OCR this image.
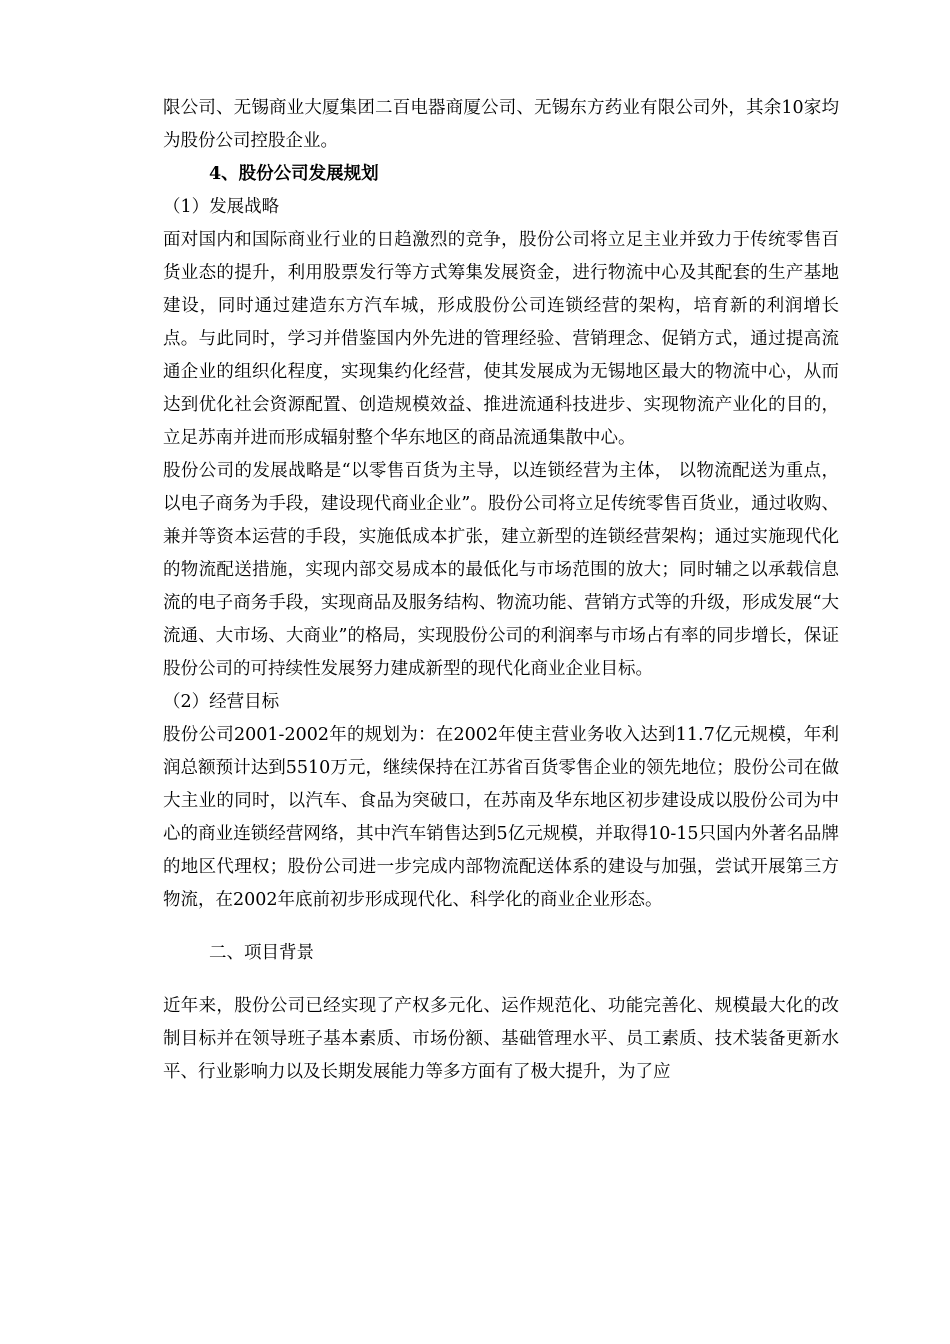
限公司、无锡商业大厦集团二百电器商厦公司、无锡东方药业有限公司外，其余10家均为股份公司控股企业。

4、股份公司发展规划

（1）发展战略

面对国内和国际商业行业的日趋激烈的竞争，股份公司将立足主业并致力于传统零售百货业态的提升，利用股票发行等方式筹集发展资金，进行物流中心及其配套的生产基地建设，同时通过建造东方汽车城，形成股份公司连锁经营的架构，培育新的利润增长点。与此同时，学习并借鉴国内外先进的管理经验、营销理念、促销方式，通过提高流通企业的组织化程度，实现集约化经营，使其发展成为无锡地区最大的物流中心，从而达到优化社会资源配置、创造规模效益、推进流通科技进步、实现物流产业化的目的，立足苏南并进而形成辐射整个华东地区的商品流通集散中心。

股份公司的发展战略是“以零售百货为主导，以连锁经营为主体， 以物流配送为重点，以电子商务为手段，建设现代商业企业”。股份公司将立足传统零售百货业，通过收购、兼并等资本运营的手段，实施低成本扩张，建立新型的连锁经营架构；通过实施现代化的物流配送措施，实现内部交易成本的最低化与市场范围的放大；同时辅之以承载信息流的电子商务手段，实现商品及服务结构、物流功能、营销方式等的升级，形成发展“大流通、大市场、大商业”的格局，实现股份公司的利润率与市场占有率的同步增长，保证股份公司的可持续性发展努力建成新型的现代化商业企业目标。

（2）经营目标

股份公司2001-2002年的规划为：在2002年使主营业务收入达到11.7亿元规模，年利润总额预计达到5510万元，继续保持在江苏省百货零售企业的领先地位；股份公司在做大主业的同时，以汽车、食品为突破口，在苏南及华东地区初步建设成以股份公司为中心的商业连锁经营网络，其中汽车销售达到5亿元规模，并取得10-15只国内外著名品牌的地区代理权；股份公司进一步完成内部物流配送体系的建设与加强，尝试开展第三方物流，在2002年底前初步形成现代化、科学化的商业企业形态。

二、项目背景

近年来，股份公司已经实现了产权多元化、运作规范化、功能完善化、规模最大化的改制目标并在领导班子基本素质、市场份额、基础管理水平、员工素质、技术装备更新水平、行业影响力以及长期发展能力等多方面有了极大提升，为了应
